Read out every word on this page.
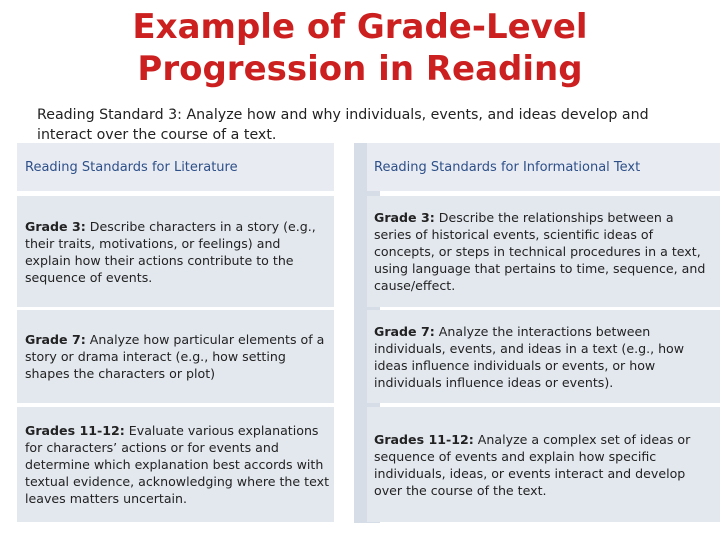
Example of Grade-Level
Progression in Reading
Reading Standard 3: Analyze how and why individuals, events, and ideas develop and interact over the course of a text.
Reading Standards for Literature	Reading Standards for Informational Text
Grade 3: Describe characters in a story (e.g., their traits, motivations, or feelings) and explain how their actions contribute to the sequence of events.
Grade 3: Describe the relationships between a series of historical events, scientific ideas of concepts, or steps in technical procedures in a text, using language that pertains to time, sequence, and cause/effect.
Grade 7: Analyze how particular elements of a story or drama interact (e.g., how setting shapes the characters or plot)
Grade 7: Analyze the interactions between individuals, events, and ideas in a text (e.g., how ideas influence individuals or events, or how individuals influence ideas or events).
Grades 11-12: Evaluate various explanations for characters’ actions or for events and determine which explanation best accords with textual evidence, acknowledging where the text leaves matters uncertain.
Grades 11-12: Analyze a complex set of ideas or sequence of events and explain how specific individuals, ideas, or events interact and develop over the course of the text.
